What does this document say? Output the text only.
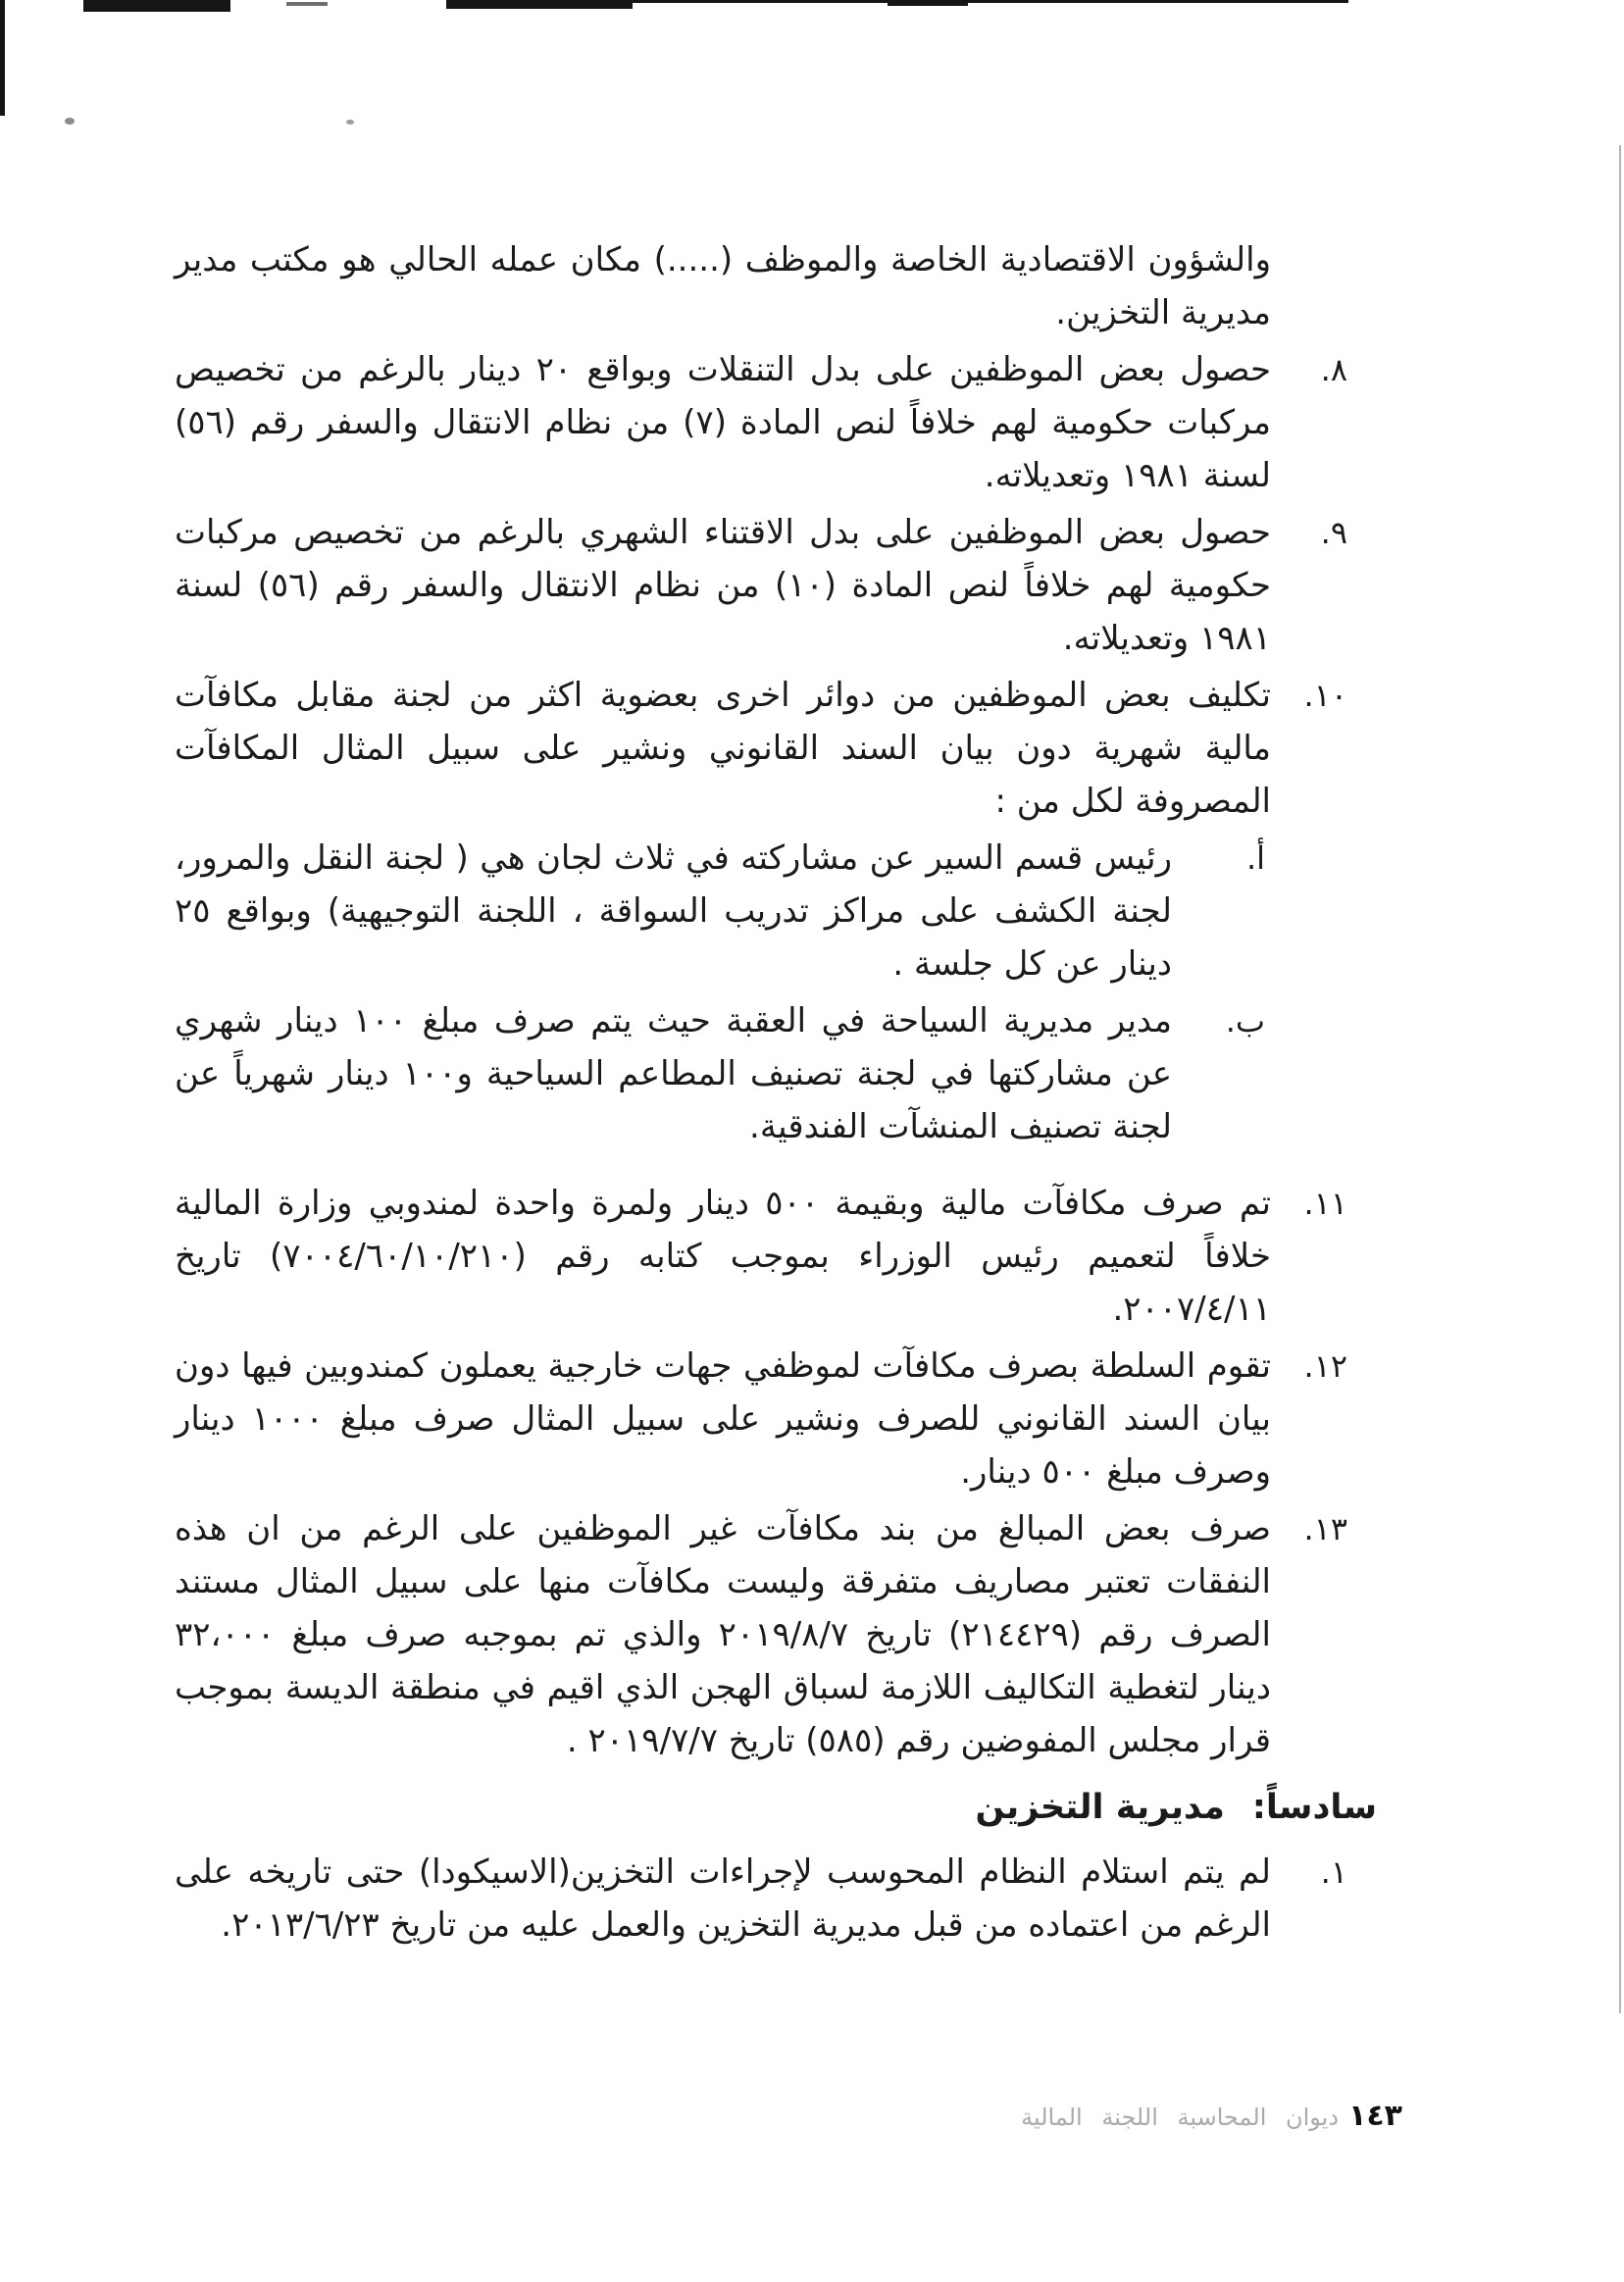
والشؤون الاقتصادية الخاصة والموظف (.....) مكان عمله الحالي هو مكتب مدير مديرية التخزين.
٨.
حصول بعض الموظفين على بدل التنقلات وبواقع ٢٠ دينار بالرغم من تخصيص مركبات حكومية لهم خلافاً لنص المادة (٧) من نظام الانتقال والسفر رقم (٥٦) لسنة ١٩٨١ وتعديلاته.
٩.
حصول بعض الموظفين على بدل الاقتناء الشهري بالرغم من تخصيص مركبات حكومية لهم خلافاً لنص المادة (١٠) من نظام الانتقال والسفر رقم (٥٦) لسنة ١٩٨١ وتعديلاته.
١٠.
تكليف بعض الموظفين من دوائر اخرى بعضوية اكثر من لجنة مقابل مكافآت مالية شهرية دون بيان السند القانوني ونشير على سبيل المثال المكافآت المصروفة لكل من :
أ.
رئيس قسم السير عن مشاركته في ثلاث لجان هي ( لجنة النقل والمرور، لجنة الكشف على مراكز تدريب السواقة ، اللجنة التوجيهية) وبواقع ٢٥ دينار عن كل جلسة .
ب.
مدير مديرية السياحة في العقبة حيث يتم صرف مبلغ ١٠٠ دينار شهري عن مشاركتها في لجنة تصنيف المطاعم السياحية و١٠٠ دينار شهرياً عن لجنة تصنيف المنشآت الفندقية.
١١.
تم صرف مكافآت مالية وبقيمة ٥٠٠ دينار ولمرة واحدة لمندوبي وزارة المالية خلافاً لتعميم رئيس الوزراء بموجب كتابه رقم (٧٠٠٤/٦٠/١٠/٢١٠) تاريخ ٢٠٠٧/٤/١١.
١٢.
تقوم السلطة بصرف مكافآت لموظفي جهات خارجية يعملون كمندوبين فيها دون بيان السند القانوني للصرف ونشير على سبيل المثال صرف مبلغ ١٠٠٠ دينار وصرف مبلغ ٥٠٠ دينار.
١٣.
صرف بعض المبالغ من بند مكافآت غير الموظفين على الرغم من ان هذه النفقات تعتبر مصاريف متفرقة وليست مكافآت منها على سبيل المثال مستند الصرف رقم (٢١٤٤٢٩) تاريخ ٢٠١٩/٨/٧ والذي تم بموجبه صرف مبلغ ٣٢،٠٠٠ دينار لتغطية التكاليف اللازمة لسباق الهجن الذي اقيم في منطقة الديسة بموجب قرار مجلس المفوضين رقم (٥٨٥) تاريخ ٢٠١٩/٧/٧ .
سادساً:
مديرية التخزين
١.
لم يتم استلام النظام المحوسب لإجراءات التخزين(الاسيكودا) حتى تاريخه على الرغم من اعتماده من قبل مديرية التخزين والعمل عليه من تاريخ ٢٠١٣/٦/٢٣.
١٤٣
ديوان المحاسبة اللجنة المالية
